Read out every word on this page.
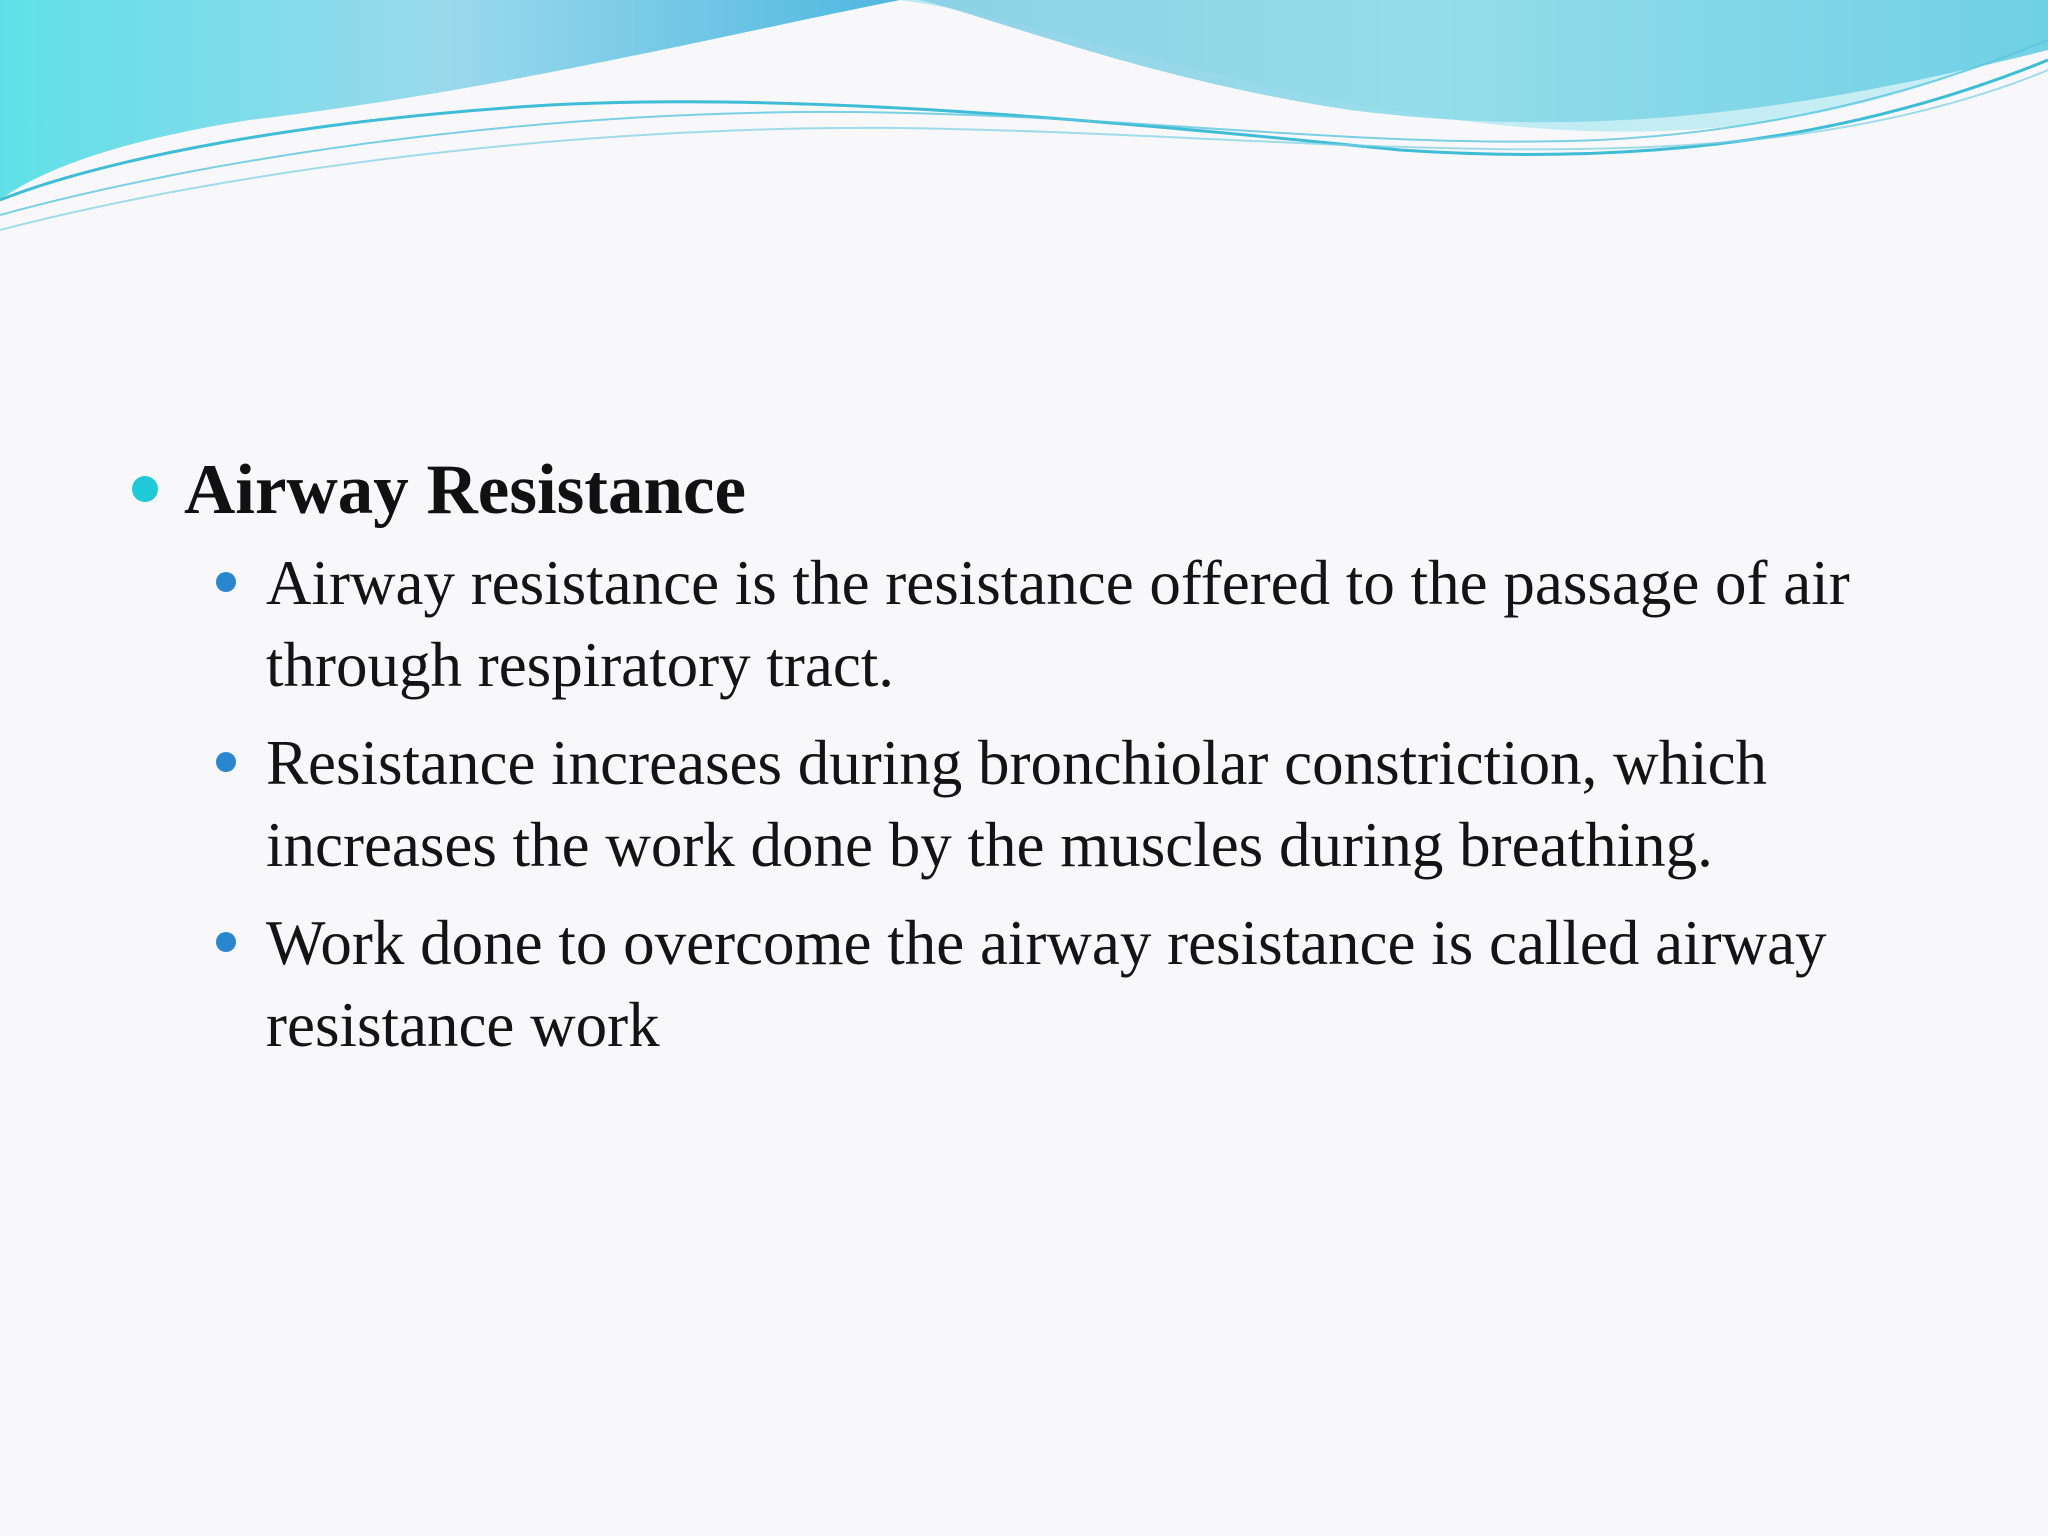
Airway Resistance
Airway resistance is the resistance offered to the passage of air through respiratory tract.
Resistance increases during bronchiolar constriction, which increases the work done by the muscles during breathing.
Work done to overcome the airway resistance is called airway resistance work
